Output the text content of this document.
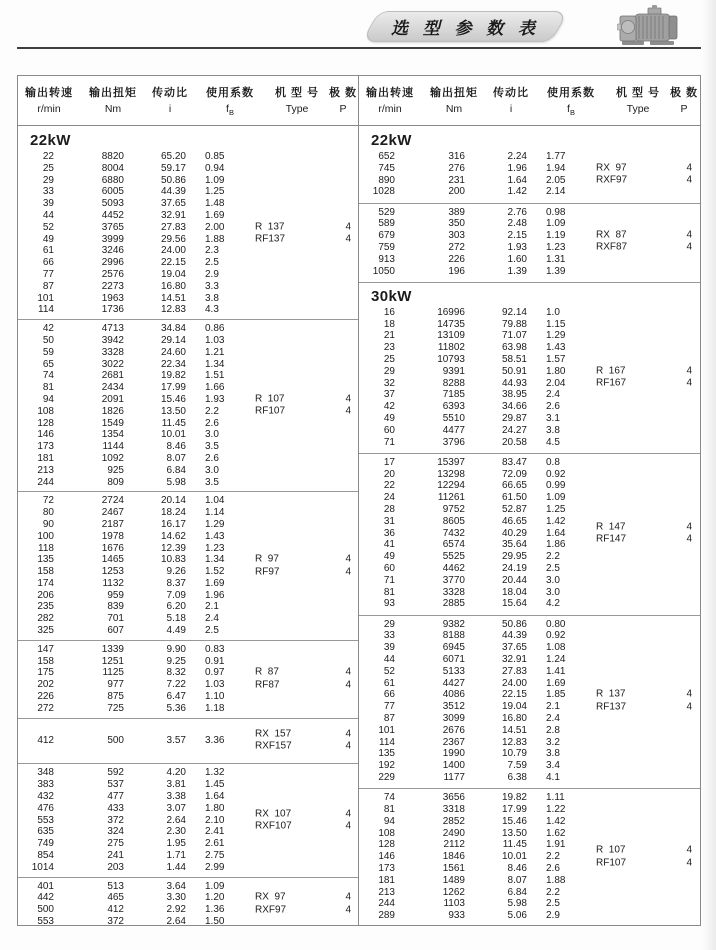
选 型 参 数 表
输出转速
r/min
输出扭矩
Nm
传动比
i
使用系数
$f_B$
机 型 号
Type
极 数
P
22kW
22	8820	65.20	0.85
25	8004	59.17	0.94
29	6880	50.86	1.09
33	6005	44.39	1.25
39	5093	37.65	1.48
44	4452	32.91	1.69
52	3765	27.83	2.00
49	3999	29.56	1.88
61	3246	24.00	2.3
66	2996	22.15	2.5
77	2576	19.04	2.9
87	2273	16.80	3.3
101	1963	14.51	3.8
114	1736	12.83	4.3
R  137	4
RF137	4
42	4713	34.84	0.86
50	3942	29.14	1.03
59	3328	24.60	1.21
65	3022	22.34	1.34
74	2681	19.82	1.51
81	2434	17.99	1.66
94	2091	15.46	1.93
108	1826	13.50	2.2
128	1549	11.45	2.6
146	1354	10.01	3.0
173	1144	8.46	3.5
181	1092	8.07	2.6
213	925	6.84	3.0
244	809	5.98	3.5
R  107	4
RF107	4
72	2724	20.14	1.04
80	2467	18.24	1.14
90	2187	16.17	1.29
100	1978	14.62	1.43
118	1676	12.39	1.23
135	1465	10.83	1.34
158	1253	9.26	1.52
174	1132	8.37	1.69
206	959	7.09	1.96
235	839	6.20	2.1
282	701	5.18	2.4
325	607	4.49	2.5
R  97	4
RF97	4
147	1339	9.90	0.83
158	1251	9.25	0.91
175	1125	8.32	0.97
202	977	7.22	1.03
226	875	6.47	1.10
272	725	5.36	1.18
R  87	4
RF87	4
412	500	3.57	3.36
RX  157	4
RXF157	4
348	592	4.20	1.32
383	537	3.81	1.45
432	477	3.38	1.64
476	433	3.07	1.80
553	372	2.64	2.10
635	324	2.30	2.41
749	275	1.95	2.61
854	241	1.71	2.75
1014	203	1.44	2.99
RX  107	4
RXF107	4
401	513	3.64	1.09
442	465	3.30	1.20
500	412	2.92	1.36
553	372	2.64	1.50
RX  97	4
RXF97	4
输出转速
r/min
输出扭矩
Nm
传动比
i
使用系数
$f_B$
机 型 号
Type
极 数
P
22kW
652	316	2.24	1.77
745	276	1.96	1.94
890	231	1.64	2.05
1028	200	1.42	2.14
RX  97	4
RXF97	4
529	389	2.76	0.98
589	350	2.48	1.09
679	303	2.15	1.19
759	272	1.93	1.23
913	226	1.60	1.31
1050	196	1.39	1.39
RX  87	4
RXF87	4
30kW
16	16996	92.14	1.0
18	14735	79.88	1.15
21	13109	71.07	1.29
23	11802	63.98	1.43
25	10793	58.51	1.57
29	9391	50.91	1.80
32	8288	44.93	2.04
37	7185	38.95	2.4
42	6393	34.66	2.6
49	5510	29.87	3.1
60	4477	24.27	3.8
71	3796	20.58	4.5
R  167	4
RF167	4
17	15397	83.47	0.8
20	13298	72.09	0.92
22	12294	66.65	0.99
24	11261	61.50	1.09
28	9752	52.87	1.25
31	8605	46.65	1.42
36	7432	40.29	1.64
41	6574	35.64	1.86
49	5525	29.95	2.2
60	4462	24.19	2.5
71	3770	20.44	3.0
81	3328	18.04	3.0
93	2885	15.64	4.2
R  147	4
RF147	4
29	9382	50.86	0.80
33	8188	44.39	0.92
39	6945	37.65	1.08
44	6071	32.91	1.24
52	5133	27.83	1.41
61	4427	24.00	1.69
66	4086	22.15	1.85
77	3512	19.04	2.1
87	3099	16.80	2.4
101	2676	14.51	2.8
114	2367	12.83	3.2
135	1990	10.79	3.8
192	1400	7.59	3.4
229	1177	6.38	4.1
R  137	4
RF137	4
74	3656	19.82	1.11
81	3318	17.99	1.22
94	2852	15.46	1.42
108	2490	13.50	1.62
128	2112	11.45	1.91
146	1846	10.01	2.2
173	1561	8.46	2.6
181	1489	8.07	1.88
213	1262	6.84	2.2
244	1103	5.98	2.5
289	933	5.06	2.9
R  107	4
RF107	4
